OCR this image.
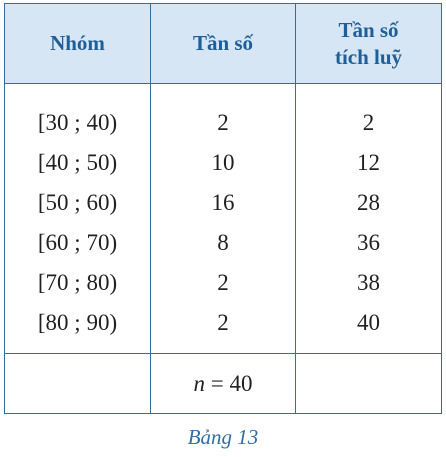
Nhóm	Tần số	Tần số
tích luỹ

[30 ; 40)	2	2
[40 ; 50)	10	12
[50 ; 60)	16	28
[60 ; 70)	8	36
[70 ; 80)	2	38
[80 ; 90)	2	40
	n = 40	
Bảng 13
